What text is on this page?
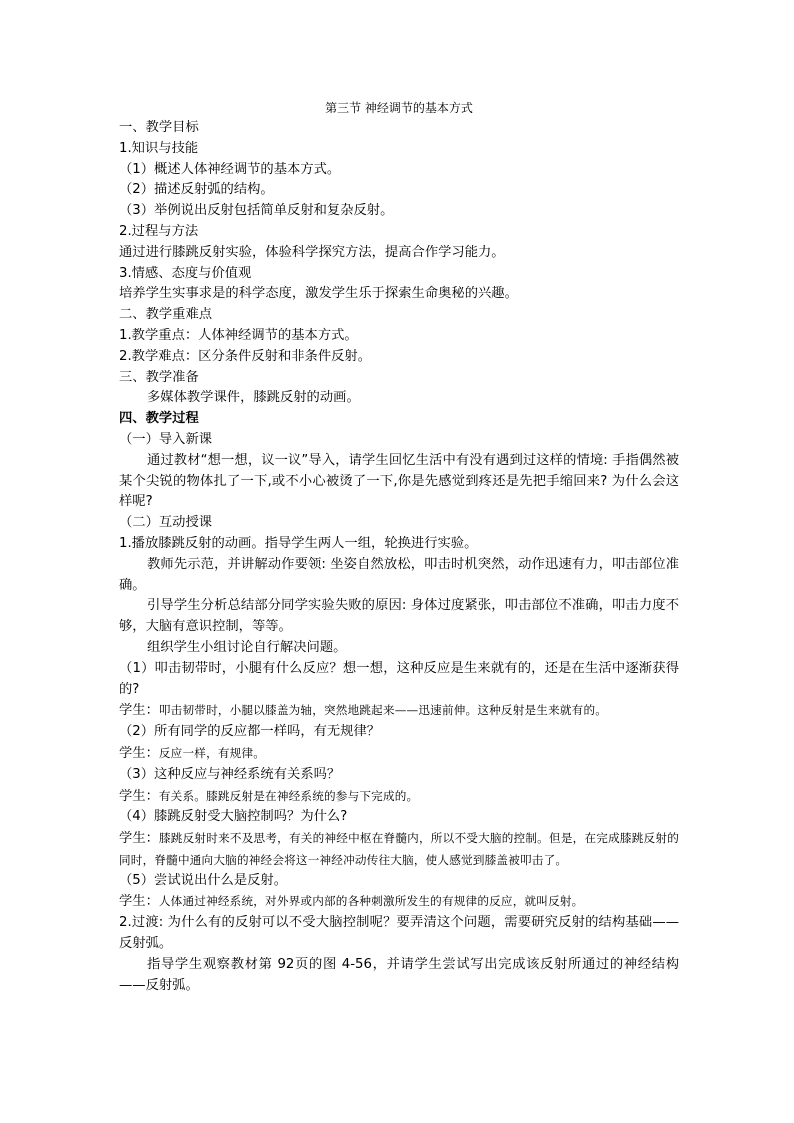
第三节 神经调节的基本方式
一、教学目标
1.知识与技能
（1）概述人体神经调节的基本方式。
（2）描述反射弧的结构。
（3）举例说出反射包括简单反射和复杂反射。
2.过程与方法
通过进行膝跳反射实验，体验科学探究方法，提高合作学习能力。
3.情感、态度与价值观
培养学生实事求是的科学态度，激发学生乐于探索生命奥秘的兴趣。
二、教学重难点
1.教学重点：人体神经调节的基本方式。
2.教学难点：区分条件反射和非条件反射。
三、教学准备
多媒体教学课件，膝跳反射的动画。
四、教学过程
（一）导入新课
通过教材“想一想，议一议”导入，请学生回忆生活中有没有遇到过这样的情境: 手指偶然被某个尖锐的物体扎了一下,或不小心被烫了一下,你是先感觉到疼还是先把手缩回来? 为什么会这样呢?
（二）互动授课
1.播放膝跳反射的动画。指导学生两人一组，轮换进行实验。
教师先示范，并讲解动作要领: 坐姿自然放松，叩击时机突然，动作迅速有力，叩击部位准确。
引导学生分析总结部分同学实验失败的原因: 身体过度紧张，叩击部位不准确，叩击力度不够，大脑有意识控制，等等。
组织学生小组讨论自行解决问题。
（1）叩击韧带时，小腿有什么反应？想一想，这种反应是生来就有的，还是在生活中逐渐获得的?
学生：叩击韧带时，小腿以膝盖为轴，突然地跳起来——迅速前伸。这种反射是生来就有的。
（2）所有同学的反应都一样吗，有无规律？
学生：反应一样，有规律。
（3）这种反应与神经系统有关系吗？
学生：有关系。膝跳反射是在神经系统的参与下完成的。
（4）膝跳反射受大脑控制吗？为什么?
学生：膝跳反射时来不及思考，有关的神经中枢在脊髓内，所以不受大脑的控制。但是，在完成膝跳反射的同时，脊髓中通向大脑的神经会将这一神经冲动传往大脑，使人感觉到膝盖被叩击了。
（5）尝试说出什么是反射。
学生：人体通过神经系统，对外界或内部的各种刺激所发生的有规律的反应，就叫反射。
2.过渡: 为什么有的反射可以不受大脑控制呢？要弄清这个问题，需要研究反射的结构基础——反射弧。
指导学生观察教材第 92页的图 4-56，并请学生尝试写出完成该反射所通过的神经结构——反射弧。
